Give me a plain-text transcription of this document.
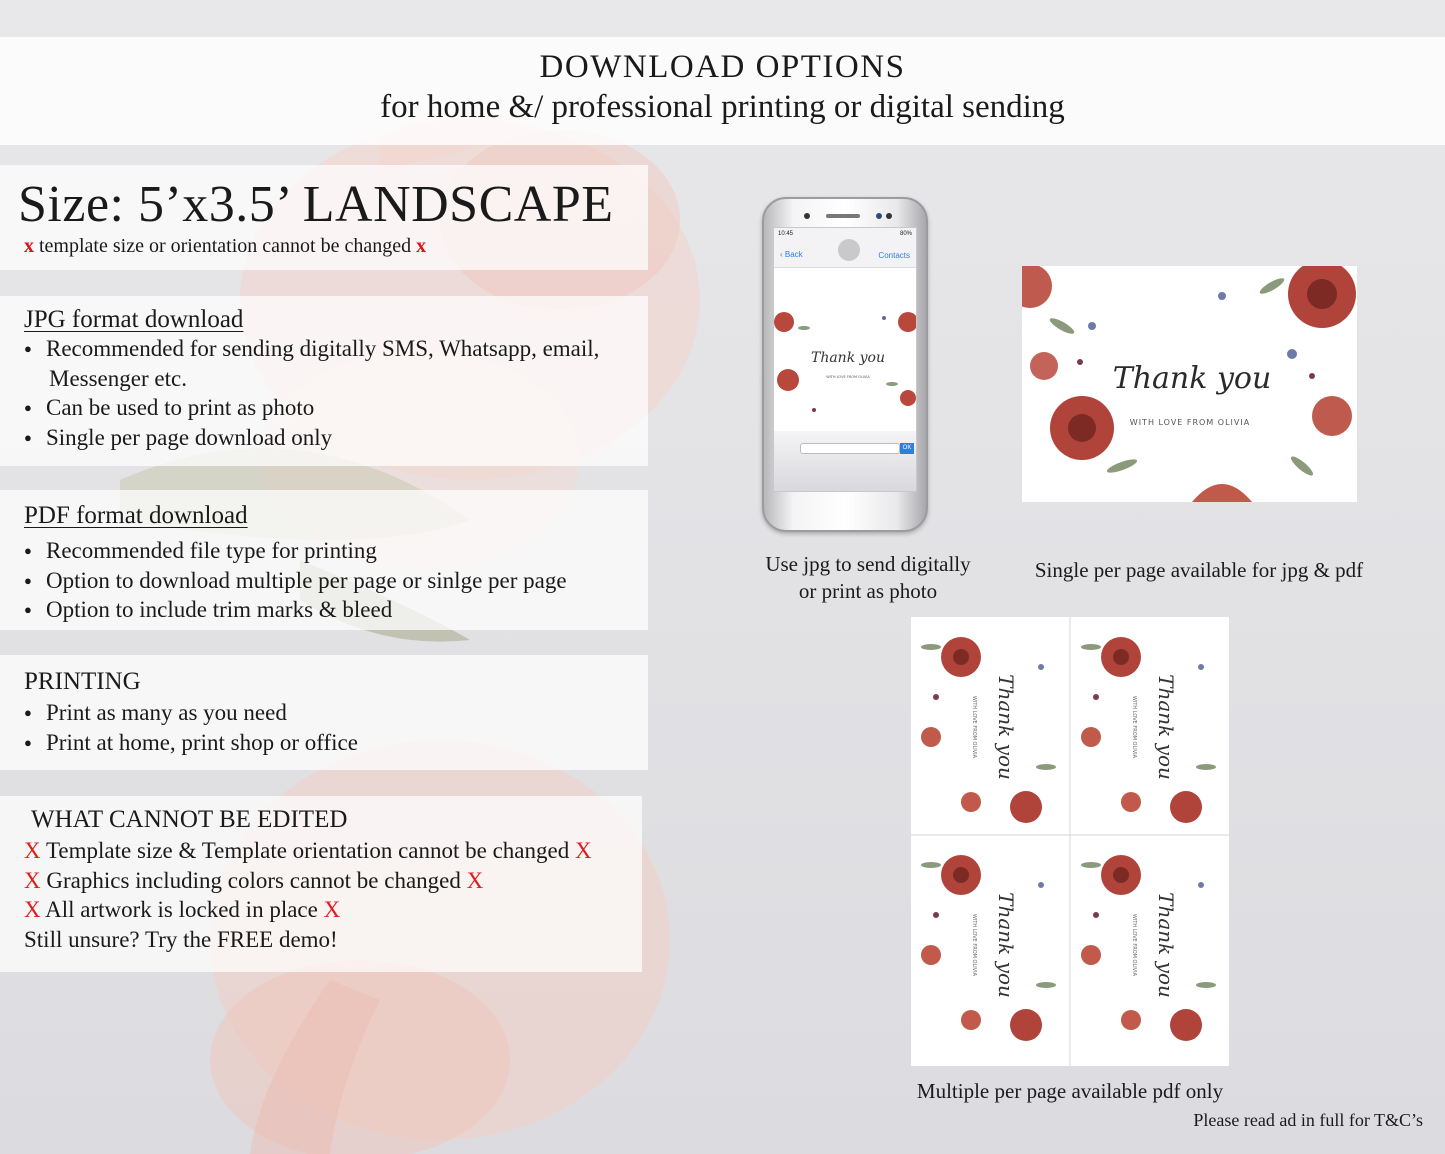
DOWNLOAD OPTIONS
for home &/ professional printing or digital sending
Size: 5’x3.5’ LANDSCAPE
x template size or orientation cannot be changed x
JPG format download
● Recommended for sending digitally SMS, Whatsapp, email,
Messenger etc.
● Can be used to print as photo
● Single per page download only
PDF format download
● Recommended file type for printing
● Option to download multiple per page or sinlge per page
● Option to include trim marks & bleed
PRINTING
● Print as many as you need
● Print at home, print shop or office
WHAT CANNOT BE EDITED
X Template size & Template orientation cannot be changed X
X Graphics including colors cannot be changed X
X All artwork is locked in place X
Still unsure? Try the FREE demo!
10:45	80%
‹ Back	Contacts
Thank you
WITH LOVE FROM OLIVIA
OK
Thank you
WITH LOVE FROM OLIVIA
Thank you	Thank you
Thank you	Thank you
WITH LOVE FROM OLIVIA	WITH LOVE FROM OLIVIA
WITH LOVE FROM OLIVIA	WITH LOVE FROM OLIVIA
Use jpg to send digitally
or print as photo
Single per page available for jpg & pdf
Multiple per page available pdf only
Please read ad in full for T&C’s
